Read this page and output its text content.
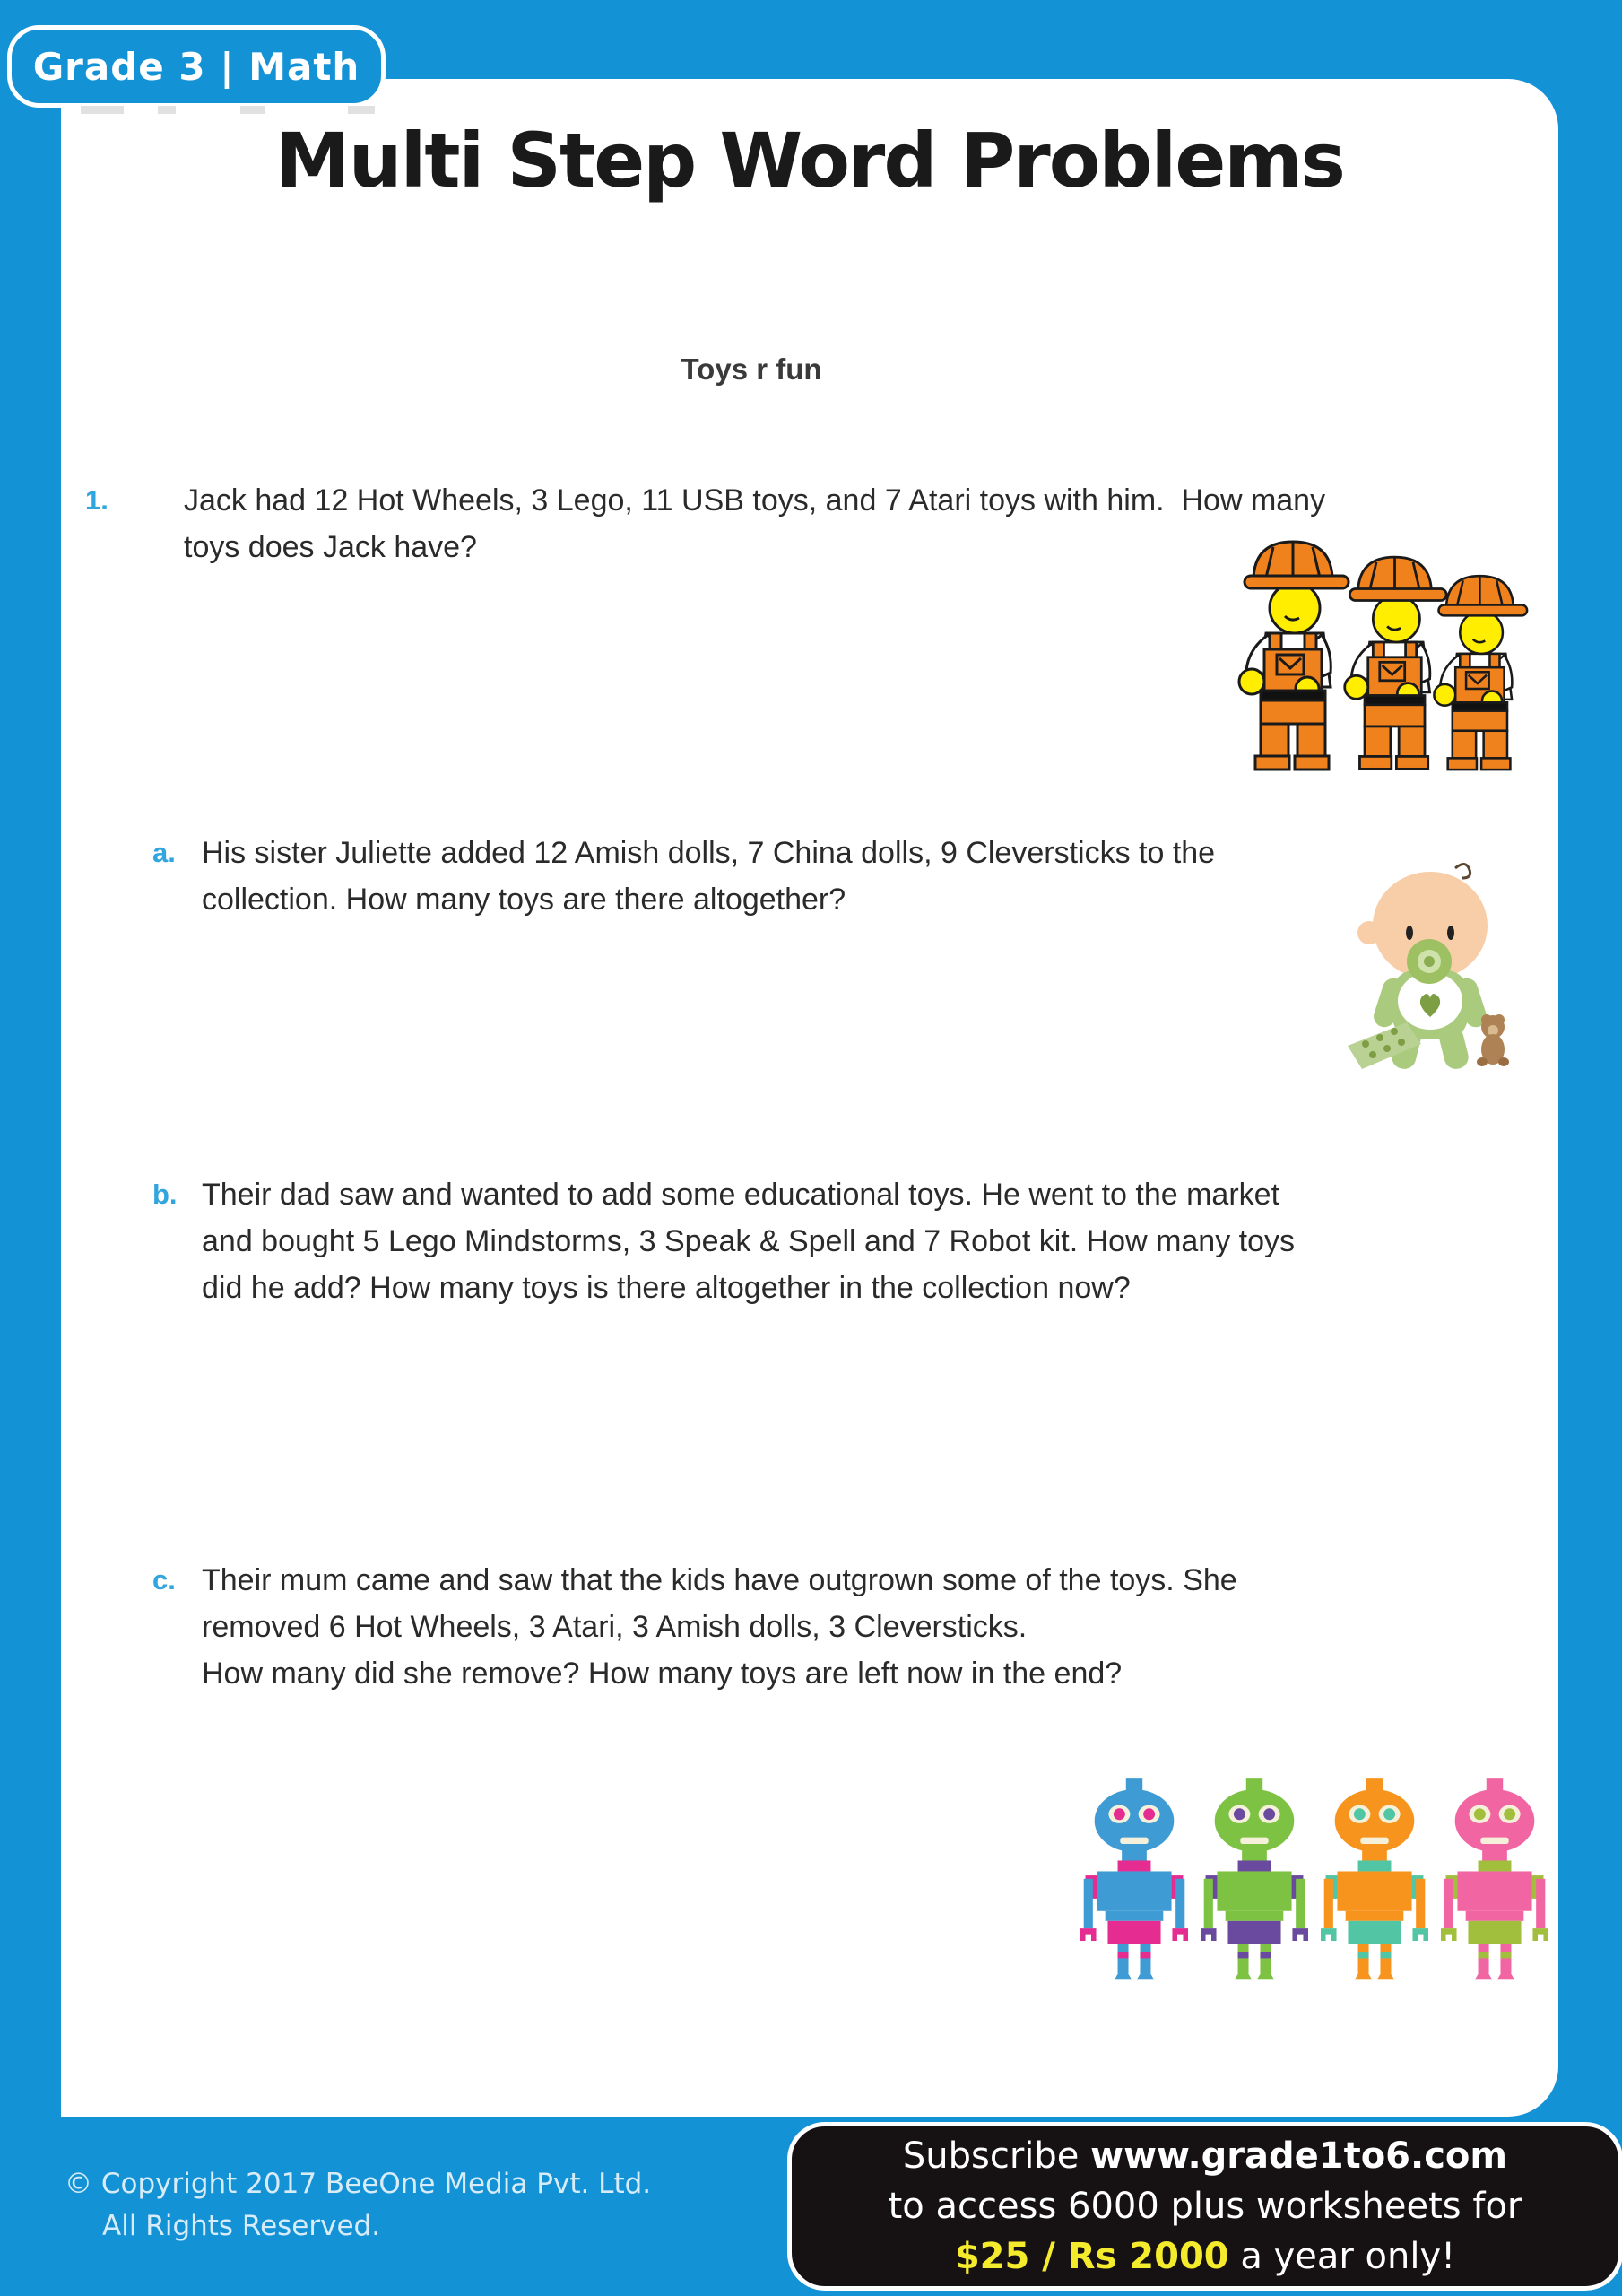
Grade 3 | Math
Multi Step Word Problems
Toys r fun
1. Jack had 12 Hot Wheels, 3 Lego, 11 USB toys, and 7 Atari toys with him.  How many
toys does Jack have?
a. His sister Juliette added 12 Amish dolls, 7 China dolls, 9 Cleversticks to the
collection. How many toys are there altogether?
b. Their dad saw and wanted to add some educational toys. He went to the market
and bought 5 Lego Mindstorms, 3 Speak & Spell and 7 Robot kit. How many toys
did he add? How many toys is there altogether in the collection now?
c. Their mum came and saw that the kids have outgrown some of the toys. She
removed 6 Hot Wheels, 3 Atari, 3 Amish dolls, 3 Cleversticks.
How many did she remove? How many toys are left now in the end?
© Copyright 2017 BeeOne Media Pvt. Ltd.
All Rights Reserved.
Subscribe www.grade1to6.com
to access 6000 plus worksheets for
$25 / Rs 2000 a year only!
